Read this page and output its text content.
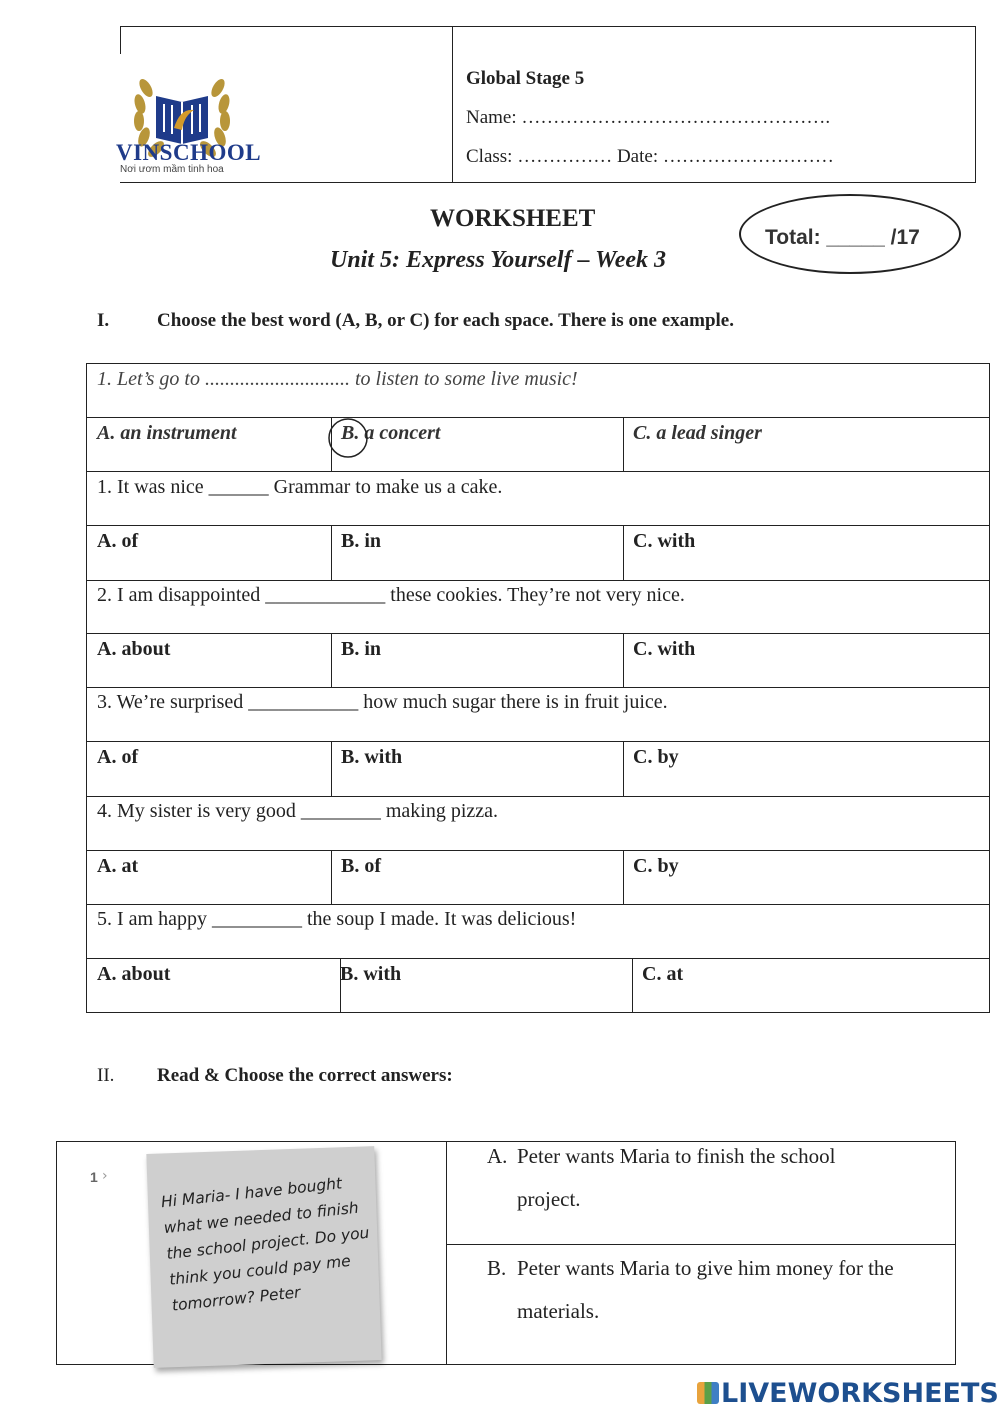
VINSCHOOL
Nơi ươm mầm tinh hoa
Global Stage 5
Name: ………………………………………….
Class: …………… Date: ………………………
WORKSHEET
Unit 5: Express Yourself – Week 3
Total: _____ /17
I.	Choose the best word (A, B, or C) for each space. There is one example.
1. Let’s go to ............................. to listen to some live music!
A. an instrument	B. a concert	C. a lead singer
1. It was nice ______ Grammar to make us a cake.
A. of	B. in	C. with
2. I am disappointed ____________ these cookies. They’re not very nice.
A. about	B. in	C. with
3. We’re surprised ___________ how much sugar there is in fruit juice.
A. of	B. with	C. by
4. My sister is very good ________ making pizza.
A. at	B. of	C. by
5. I am happy _________ the soup I made. It was delicious!
A. about	B. with	C. at
II. Read & Choose the correct answers:
1 ›
A. Peter wants Maria to finish the school
project.
B. Peter wants Maria to give him money for the
materials.
Hi Maria- I have bought what we needed to finish the school project. Do you think you could pay me tomorrow? Peter
LIVEWORKSHEETS
